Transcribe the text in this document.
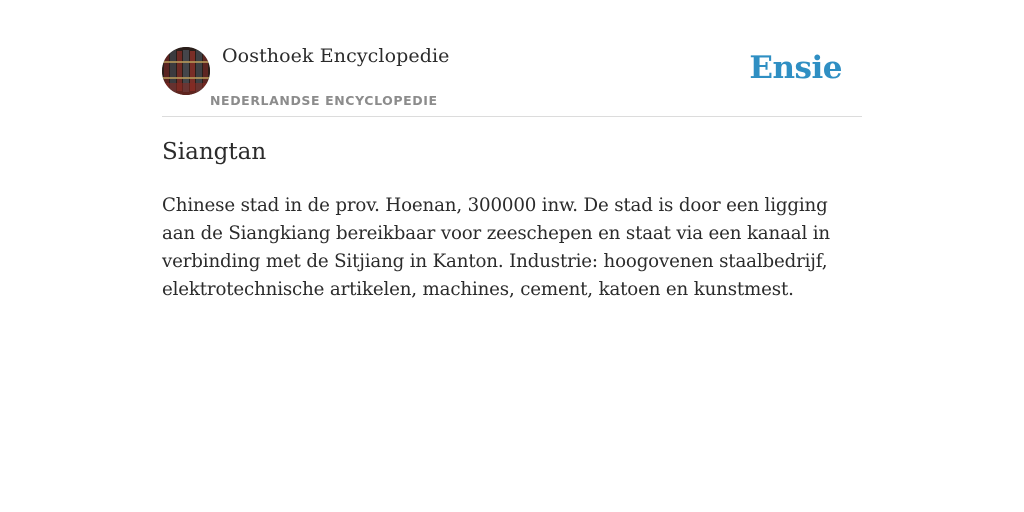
Oosthoek Encyclopedie
NEDERLANDSE ENCYCLOPEDIE
Ensie
Siangtan

Chinese stad in de prov. Hoenan, 300000 inw. De stad is door een ligging aan de Siangkiang bereikbaar voor zeeschepen en staat via een kanaal in verbinding met de Sitjiang in Kanton. Industrie: hoogovenen staalbedrijf, elektrotechnische artikelen, machines, cement, katoen en kunstmest.
